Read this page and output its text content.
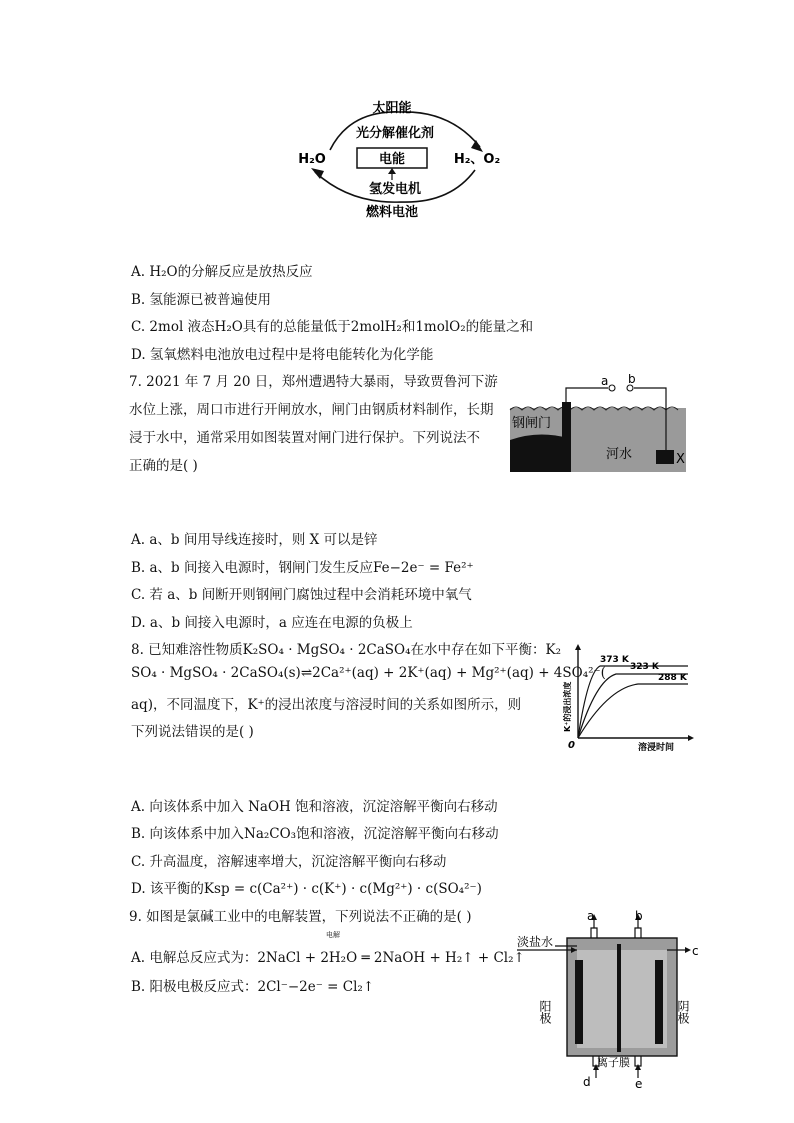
太阳能
光分解催化剂
H₂O	电能	H₂、O₂
氢发电机
燃料电池
A. H₂O的分解反应是放热反应
B. 氢能源已被普遍使用
C. 2mol 液态H₂O具有的总能量低于2molH₂和1molO₂的能量之和
D. 氢氧燃料电池放电过程中是将电能转化为化学能
7. 2021 年 7 月 20 日，郑州遭遇特大暴雨，导致贾鲁河下游
水位上涨，周口市进行开闸放水，闸门由钢质材料制作，长期
浸于水中，通常采用如图装置对闸门进行保护。下列说法不
正确的是( )
a b
钢闸门
河水	X
A. a、b 间用导线连接时，则 X 可以是锌
B. a、b 间接入电源时，钢闸门发生反应Fe−2e⁻ = Fe²⁺
C. 若 a、b 间断开则钢闸门腐蚀过程中会消耗环境中氧气
D. a、b 间接入电源时，a 应连在电源的负极上
8. 已知难溶性物质K₂SO₄ · MgSO₄ · 2CaSO₄在水中存在如下平衡：K₂
SO₄ · MgSO₄ · 2CaSO₄(s)⇌2Ca²⁺(aq) + 2K⁺(aq) + Mg²⁺(aq) + 4SO₄²⁻(
aq)，不同温度下，K⁺的浸出浓度与溶浸时间的关系如图所示，则
下列说法错误的是( )
373 K
323 K
288 K
0	溶浸时间
K⁺的浸出浓度
A. 向该体系中加入 NaOH 饱和溶液，沉淀溶解平衡向右移动
B. 向该体系中加入Na₂CO₃饱和溶液，沉淀溶解平衡向右移动
C. 升高温度，溶解速率增大，沉淀溶解平衡向右移动
D. 该平衡的Ksp = c(Ca²⁺) · c(K⁺) · c(Mg²⁺) · c(SO₄²⁻)
9. 如图是氯碱工业中的电解装置，下列说法不正确的是( )
电解
A. 电解总反应式为：2NaCl + 2H₂O ═ 2NaOH + H₂↑ + Cl₂↑
B. 阳极电极反应式：2Cl⁻−2e⁻ = Cl₂↑
a	b
c
d	e
淡盐水
离子膜
阳极	阴极
